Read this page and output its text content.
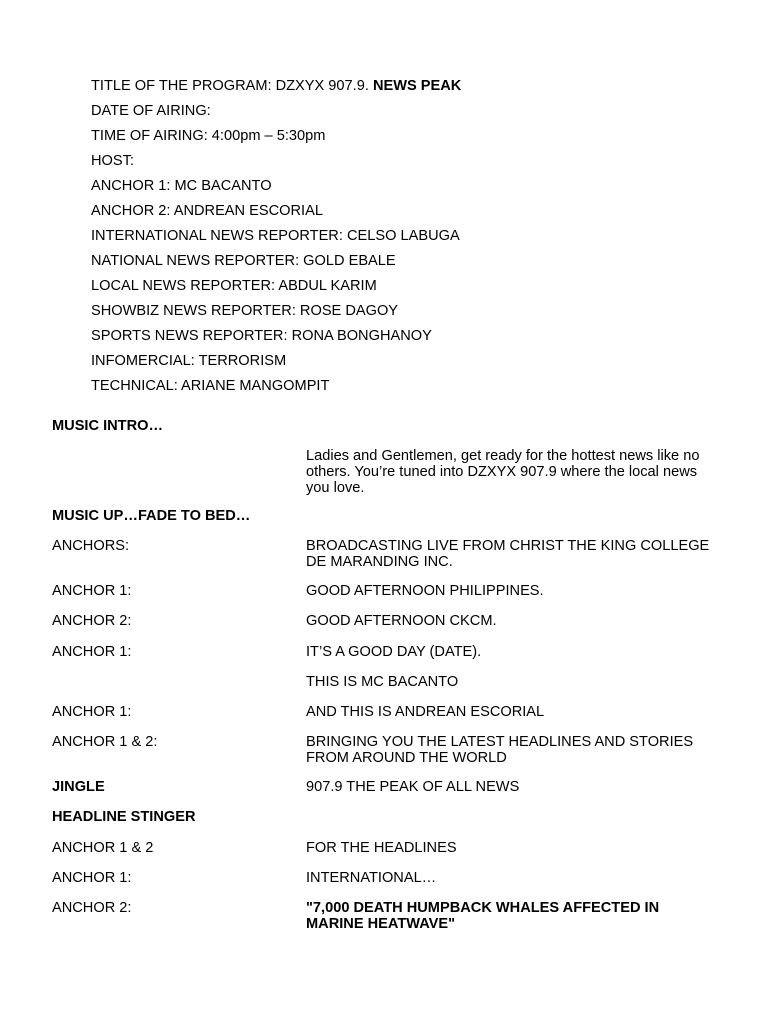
TITLE OF THE PROGRAM: DZXYX 907.9. NEWS PEAK
DATE OF AIRING:
TIME OF AIRING: 4:00pm – 5:30pm
HOST:
ANCHOR 1: MC BACANTO
ANCHOR 2: ANDREAN ESCORIAL
INTERNATIONAL NEWS REPORTER: CELSO LABUGA
NATIONAL NEWS REPORTER: GOLD EBALE
LOCAL NEWS REPORTER: ABDUL KARIM
SHOWBIZ NEWS REPORTER: ROSE DAGOY
SPORTS NEWS REPORTER: RONA BONGHANOY
INFOMERCIAL: TERRORISM
TECHNICAL: ARIANE MANGOMPIT
MUSIC INTRO…
Ladies and Gentlemen, get ready for the hottest news like no others. You’re tuned into DZXYX 907.9 where the local news you love.
MUSIC UP…FADE TO BED…
ANCHORS:	BROADCASTING LIVE FROM CHRIST THE KING COLLEGE DE MARANDING INC.
ANCHOR 1:	GOOD AFTERNOON PHILIPPINES.
ANCHOR 2:	GOOD AFTERNOON CKCM.
ANCHOR 1:	IT’S A GOOD DAY (DATE).
THIS IS MC BACANTO
ANCHOR 1:	AND THIS IS ANDREAN ESCORIAL
ANCHOR 1 & 2:	BRINGING YOU THE LATEST HEADLINES AND STORIES FROM AROUND THE WORLD
JINGLE	907.9 THE PEAK OF ALL NEWS
HEADLINE STINGER
ANCHOR 1 & 2	FOR THE HEADLINES
ANCHOR 1:	INTERNATIONAL…
ANCHOR 2:	"7,000 DEATH HUMPBACK WHALES AFFECTED IN MARINE HEATWAVE"
